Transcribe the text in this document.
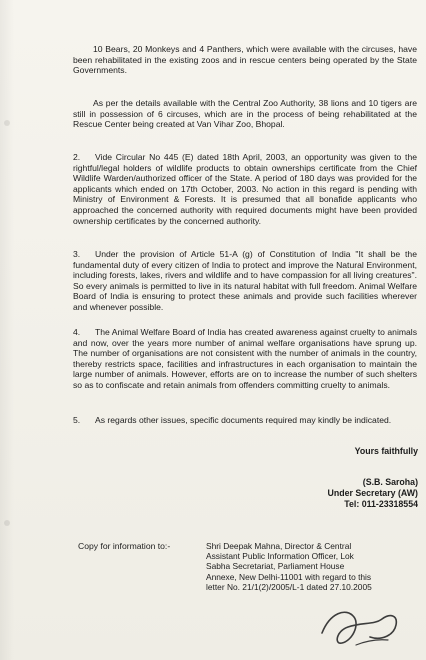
10 Bears, 20 Monkeys and 4 Panthers, which were available with the circuses, have been rehabilitated in the existing zoos and in rescue centers being operated by the State Governments.

As per the details available with the Central Zoo Authority, 38 lions and 10 tigers are still in possession of 6 circuses, which are in the process of being rehabilitated at the Rescue Center being created at Van Vihar Zoo, Bhopal.

2. Vide Circular No 445 (E) dated 18th April, 2003, an opportunity was given to the rightful/legal holders of wildlife products to obtain ownerships certificate from the Chief Wildlife Warden/authorized officer of the State. A period of 180 days was provided for the applicants which ended on 17th October, 2003. No action in this regard is pending with Ministry of Environment & Forests. It is presumed that all bonafide applicants who approached the concerned authority with required documents might have been provided ownership certificates by the concerned authority.

3. Under the provision of Article 51-A (g) of Constitution of India "It shall be the fundamental duty of every citizen of India to protect and improve the Natural Environment, including forests, lakes, rivers and wildlife and to have compassion for all living creatures". So every animals is permitted to live in its natural habitat with full freedom. Animal Welfare Board of India is ensuring to protect these animals and provide such facilities wherever and whenever possible.

4. The Animal Welfare Board of India has created awareness against cruelty to animals and now, over the years more number of animal welfare organisations have sprung up. The number of organisations are not consistent with the number of animals in the country, thereby restricts space, facilities and infrastructures in each organisation to maintain the large number of animals. However, efforts are on to increase the number of such shelters so as to confiscate and retain animals from offenders committing cruelty to animals.

5. As regards other issues, specific documents required may kindly be indicated.

Yours faithfully

(S.B. Saroha)

Under Secretary (AW)

Tel: 011-23318554

Copy for information to:-	Shri Deepak Mahna, Director & Central Assistant Public Information Officer, Lok Sabha Secretariat, Parliament House Annexe, New Delhi-11001 with regard to this letter No. 21/1(2)/2005/L-1 dated 27.10.2005
